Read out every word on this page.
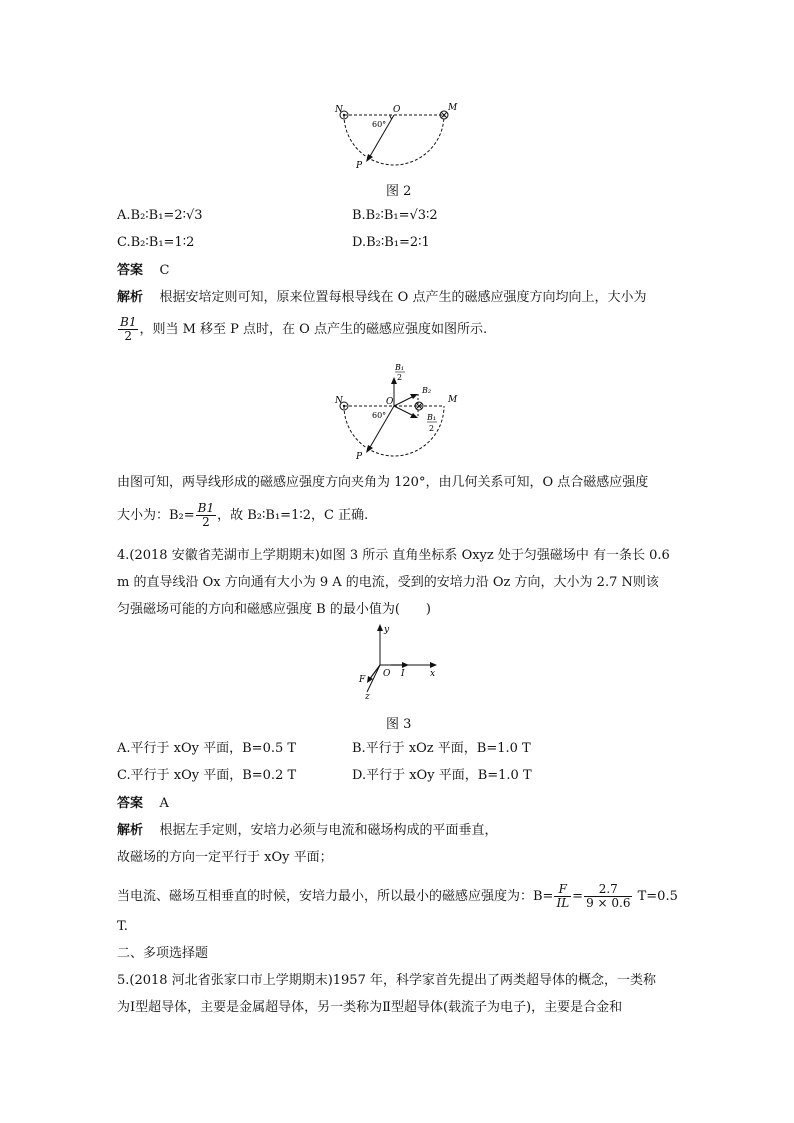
N	O	M
60°
P
图 2
A.B₂∶B₁=2∶√3	B.B₂∶B₁=√3∶2
C.B₂∶B₁=1∶2	D.B₂∶B₁=2∶1
答案 C
解析 根据安培定则可知，原来位置每根导线在 O 点产生的磁感应强度方向均向上，大小为
$\frac{B1}{2}$ ，则当 M 移至 P 点时，在 O 点产生的磁感应强度如图所示.
B₁
2
B₂
B₁
2
N	O	M
60°
P
由图可知，两导线形成的磁感应强度方向夹角为 120°，由几何关系可知，O 点合磁感应强度
大小为：$B_2= \frac{B1}{2}$ ，故 B₂∶B₁=1∶2，C 正确.
4.(2018 安徽省芜湖市上学期期末)如图 3 所示 直角坐标系 Oxyz 处于匀强磁场中 有一条长 0.6
m 的直导线沿 Ox 方向通有大小为 9 A 的电流，受到的安培力沿 Oz 方向，大小为 2.7 N则该
匀强磁场可能的方向和磁感应强度 B 的最小值为(　　)
y
x
O I
F
z
图 3
A.平行于 xOy 平面，B=0.5 T	B.平行于 xOz 平面，B=1.0 T
C.平行于 xOy 平面，B=0.2 T	D.平行于 xOy 平面，B=1.0 T
答案 A
解析 根据左手定则，安培力必须与电流和磁场构成的平面垂直，
故磁场的方向一定平行于 xOy 平面；
当电流、磁场互相垂直的时候，安培力最小，所以最小的磁感应强度为：$B= \frac{F}{IL} = \frac{2.7}{9 \times 0.6} T=0.5$
T.
二、多项选择题
5.(2018 河北省张家口市上学期期末)1957 年，科学家首先提出了两类超导体的概念，一类称
为Ⅰ型超导体，主要是金属超导体，另一类称为Ⅱ型超导体(载流子为电子)，主要是合金和
